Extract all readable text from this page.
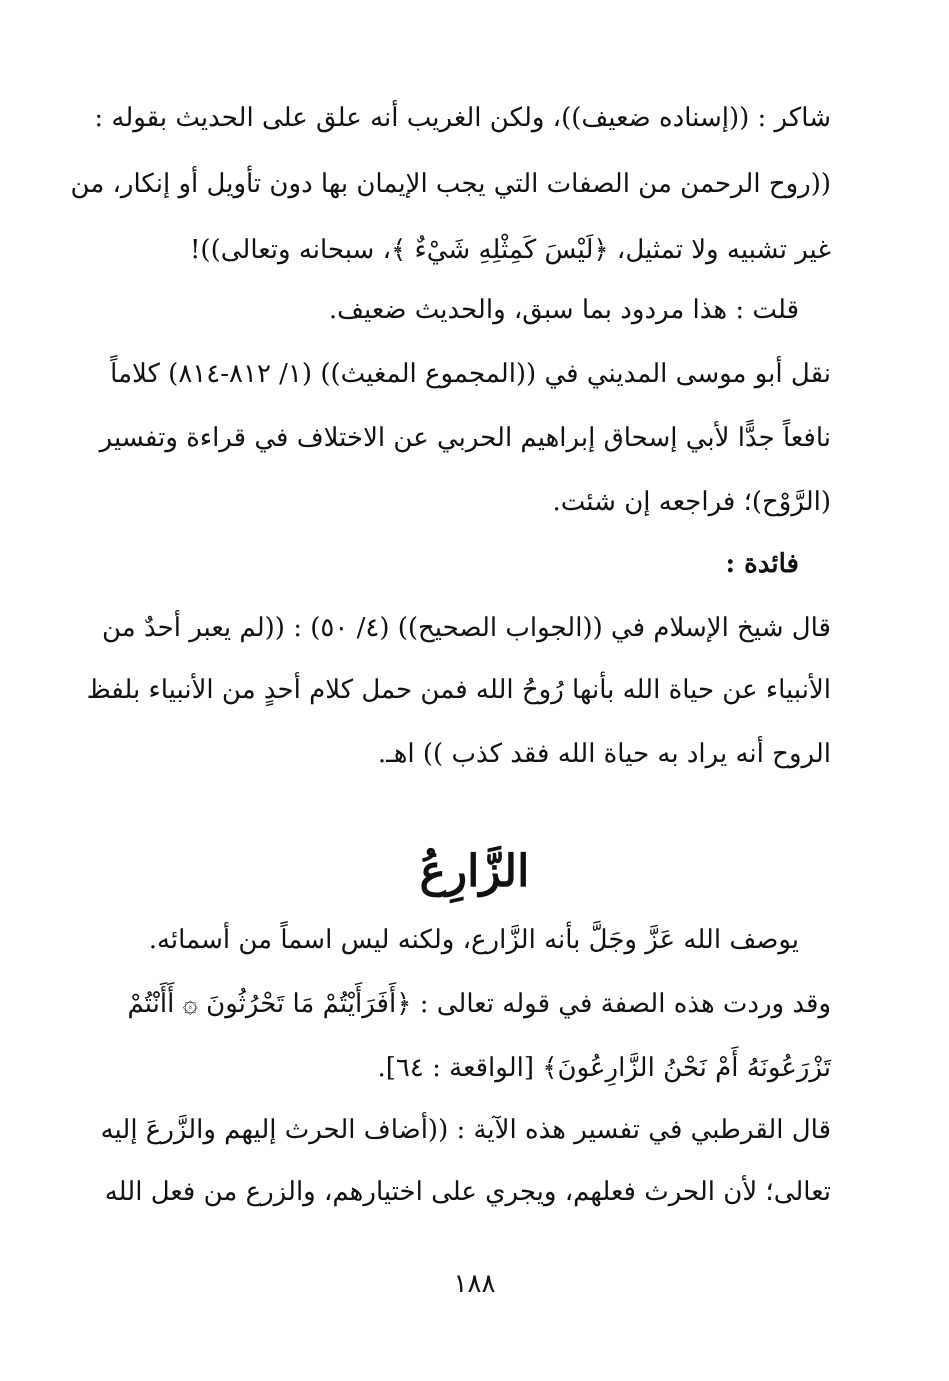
شاكر : ((إسناده ضعيف))، ولكن الغريب أنه علق على الحديث بقوله :
((روح الرحمن من الصفات التي يجب الإيمان بها دون تأويل أو إنكار، من
غير تشبيه ولا تمثيل، ﴿لَيْسَ كَمِثْلِهِ شَيْءٌ ﴾، سبحانه وتعالى))!
قلت : هذا مردود بما سبق، والحديث ضعيف.
نقل أبو موسى المديني في ((المجموع المغيث)) (١/ ٨١٢-٨١٤) كلاماً
نافعاً جدًّا لأبي إسحاق إبراهيم الحربي عن الاختلاف في قراءة وتفسير
(الرَّوْح)؛ فراجعه إن شئت.
فائدة :
قال شيخ الإسلام في ((الجواب الصحيح)) (٤/ ٥٠) : ((لم يعبر أحدٌ من
الأنبياء عن حياة الله بأنها رُوحُ الله فمن حمل كلام أحدٍ من الأنبياء بلفظ
الروح أنه يراد به حياة الله فقد كذب )) اهـ.
الزَّارِعُ
يوصف الله عَزَّ وجَلَّ بأنه الزَّارع، ولكنه ليس اسماً من أسمائه.
وقد وردت هذه الصفة في قوله تعالى : ﴿أَفَرَأَيْتُمْ مَا تَحْرُثُونَ ۞ أَأَنْتُمْ
تَزْرَعُونَهُ أَمْ نَحْنُ الزَّارِعُونَ﴾ [الواقعة : ٦٤].
قال القرطبي في تفسير هذه الآية : ((أضاف الحرث إليهم والزَّرعَ إليه
تعالى؛ لأن الحرث فعلهم، ويجري على اختيارهم، والزرع من فعل الله
١٨٨
